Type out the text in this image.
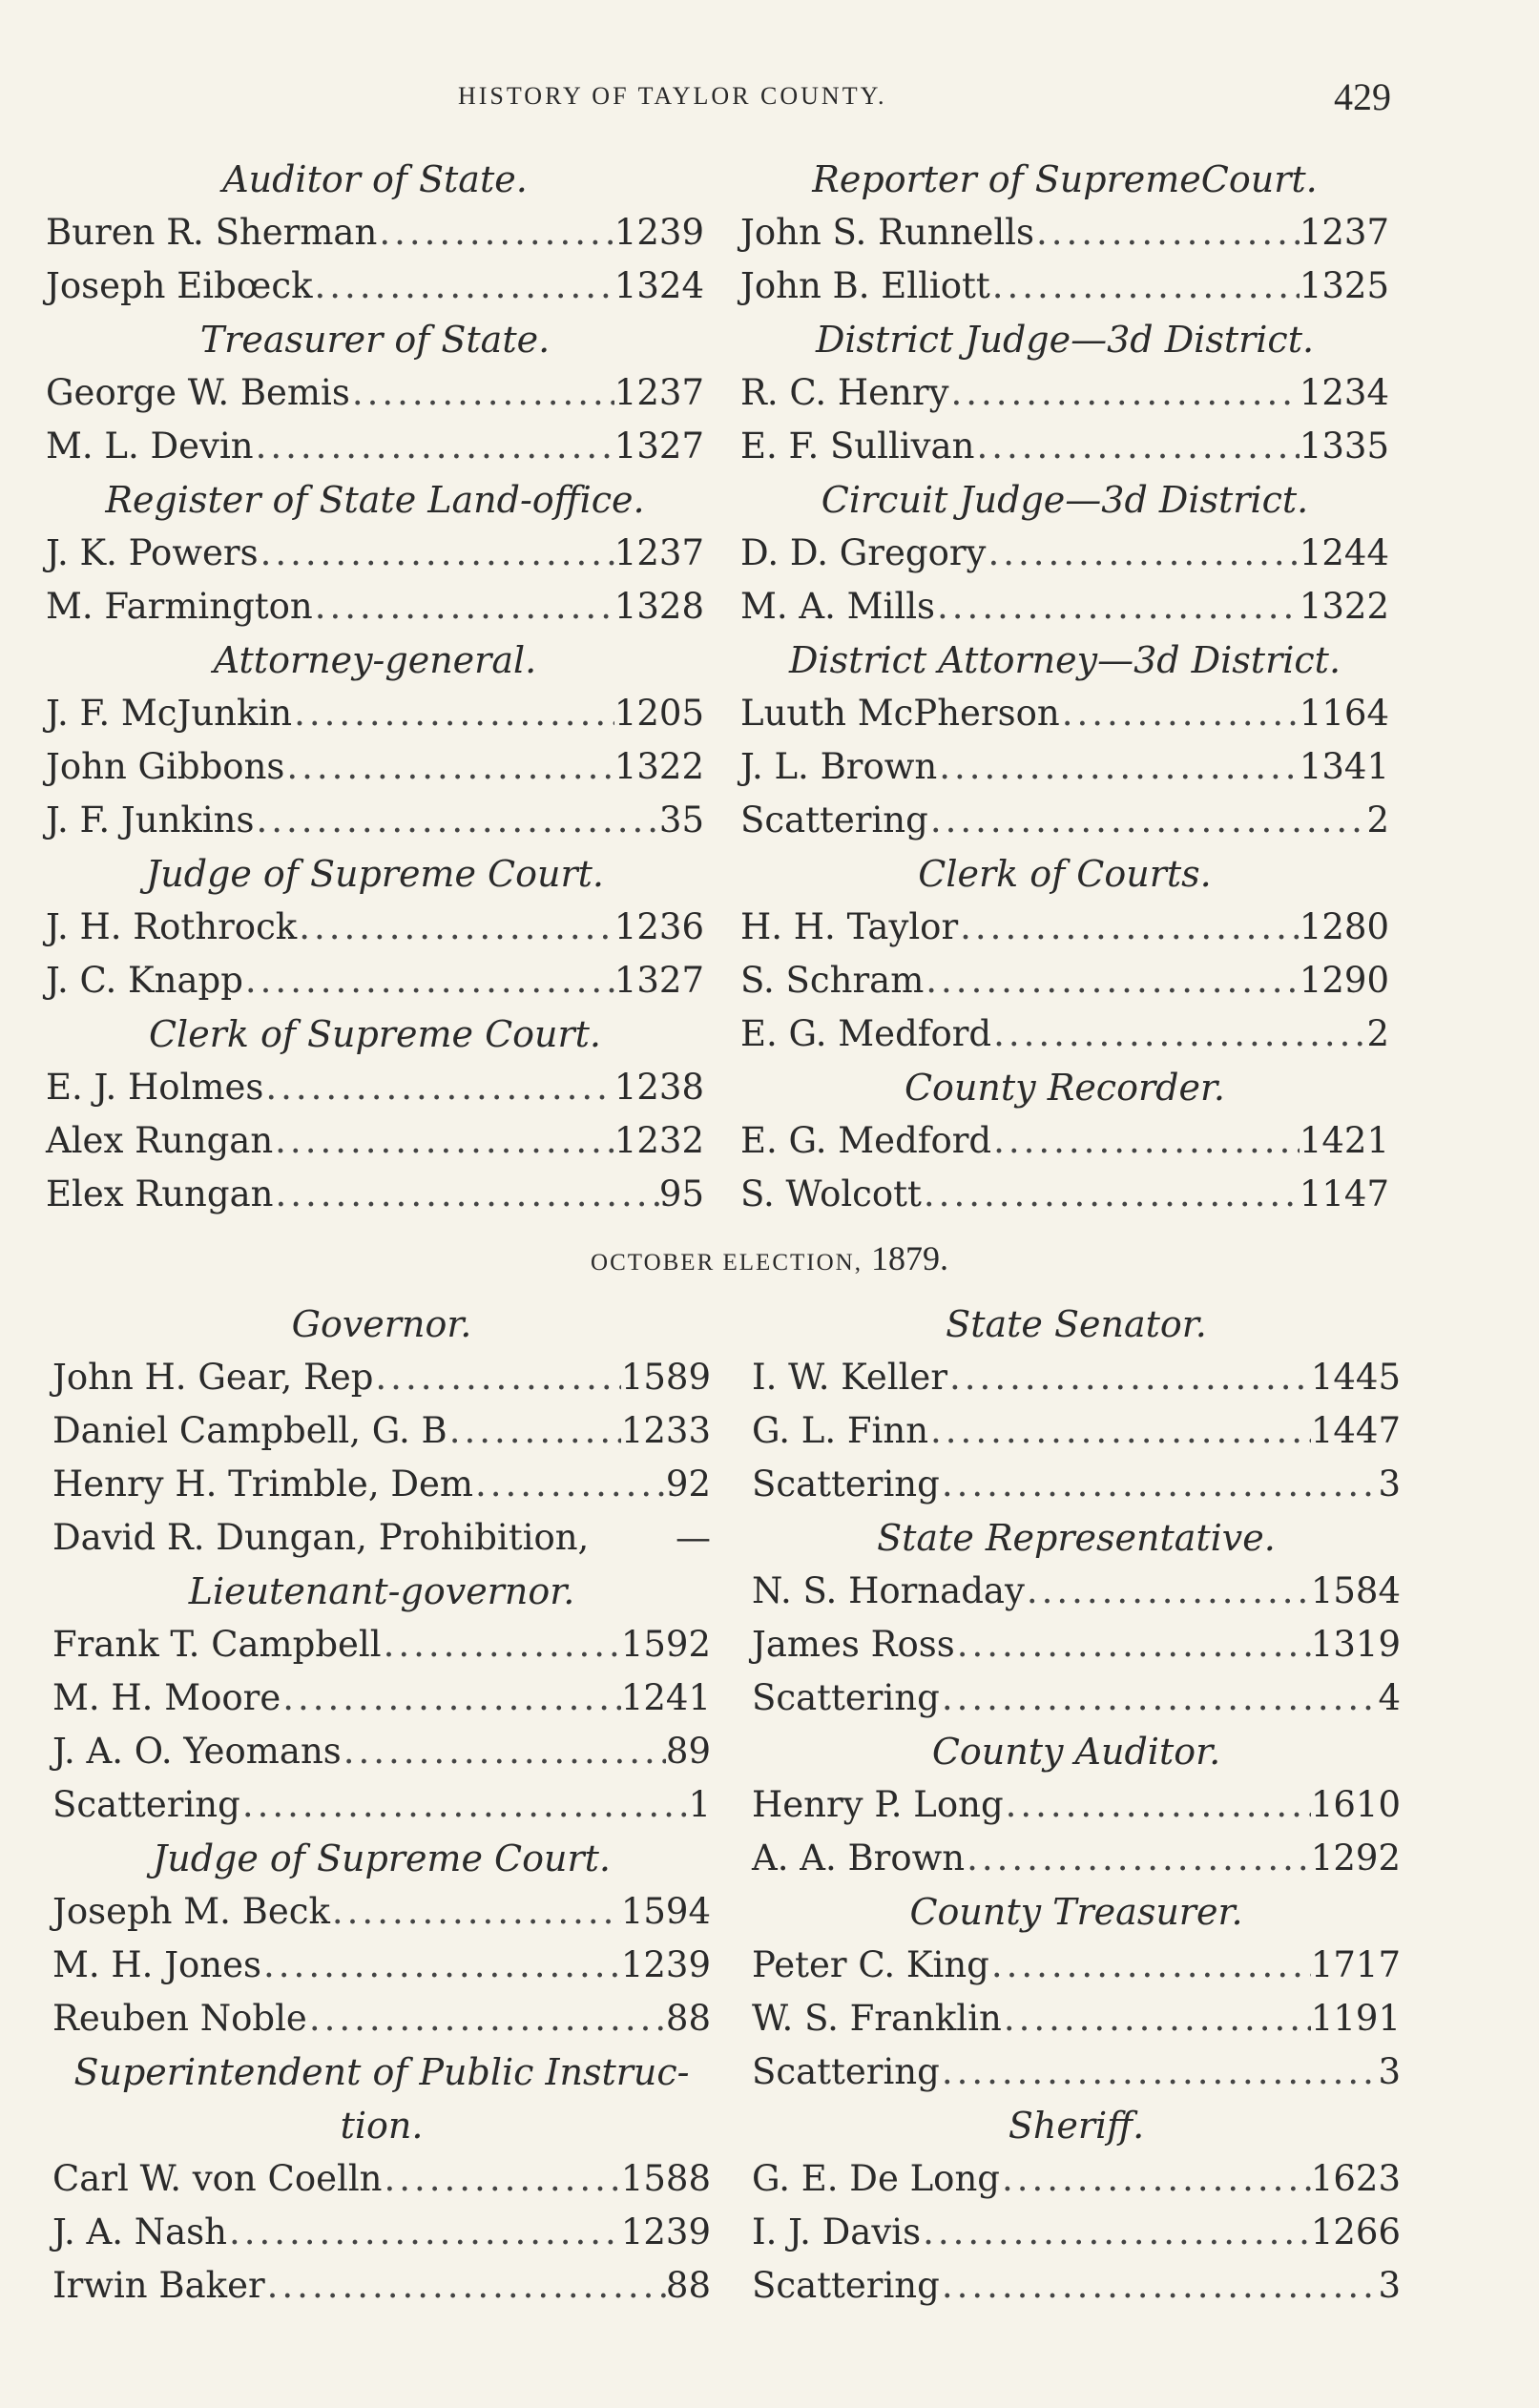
HISTORY OF TAYLOR COUNTY.	429
Auditor of State.
Buren R. Sherman .....	1239
Joseph Eibœck .....	1324
Treasurer of State.
George W. Bemis .....	1237
M. L. Devin .....	1327
Register of State Land-office.
J. K. Powers .....	1237
M. Farmington .....	1328
Attorney-general.
J. F. McJunkin .....	1205
John Gibbons .....	1322
J. F. Junkins .....	35
Judge of Supreme Court.
J. H. Rothrock .....	1236
J. C. Knapp .....	1327
Clerk of Supreme Court.
E. J. Holmes .....	1238
Alex Rungan .....	1232
Elex Rungan .....	95
Reporter of SupremeCourt.
John S. Runnells .....	1237
John B. Elliott .....	1325
District Judge—3d District.
R. C. Henry .....	1234
E. F. Sullivan .....	1335
Circuit Judge—3d District.
D. D. Gregory .....	1244
M. A. Mills .....	1322
District Attorney—3d District.
Luuth McPherson .....	1164
J. L. Brown .....	1341
Scattering .....	2
Clerk of Courts.
H. H. Taylor .....	1280
S. Schram .....	1290
E. G. Medford .....	2
County Recorder.
E. G. Medford .....	1421
S. Wolcott .....	1147
OCTOBER ELECTION, 1879.
Governor.
John H. Gear, Rep .....	1589
Daniel Campbell, G. B .....	1233
Henry H. Trimble, Dem .....	92
David R. Dungan, Prohibition, —
Lieutenant-governor.
Frank T. Campbell .....	1592
M. H. Moore .....	1241
J. A. O. Yeomans .....	89
Scattering .....	1
Judge of Supreme Court.
Joseph M. Beck .....	1594
M. H. Jones .....	1239
Reuben Noble .....	88
Superintendent of Public Instruc-
tion.
Carl W. von Coelln .....	1588
J. A. Nash .....	1239
Irwin Baker .....	88
State Senator.
I. W. Keller .....	1445
G. L. Finn .....	1447
Scattering .....	3
State Representative.
N. S. Hornaday .....	1584
James Ross .....	1319
Scattering .....	4
County Auditor.
Henry P. Long .....	1610
A. A. Brown .....	1292
County Treasurer.
Peter C. King .....	1717
W. S. Franklin .....	1191
Scattering .....	3
Sheriff.
G. E. De Long .....	1623
I. J. Davis .....	1266
Scattering .....	3
